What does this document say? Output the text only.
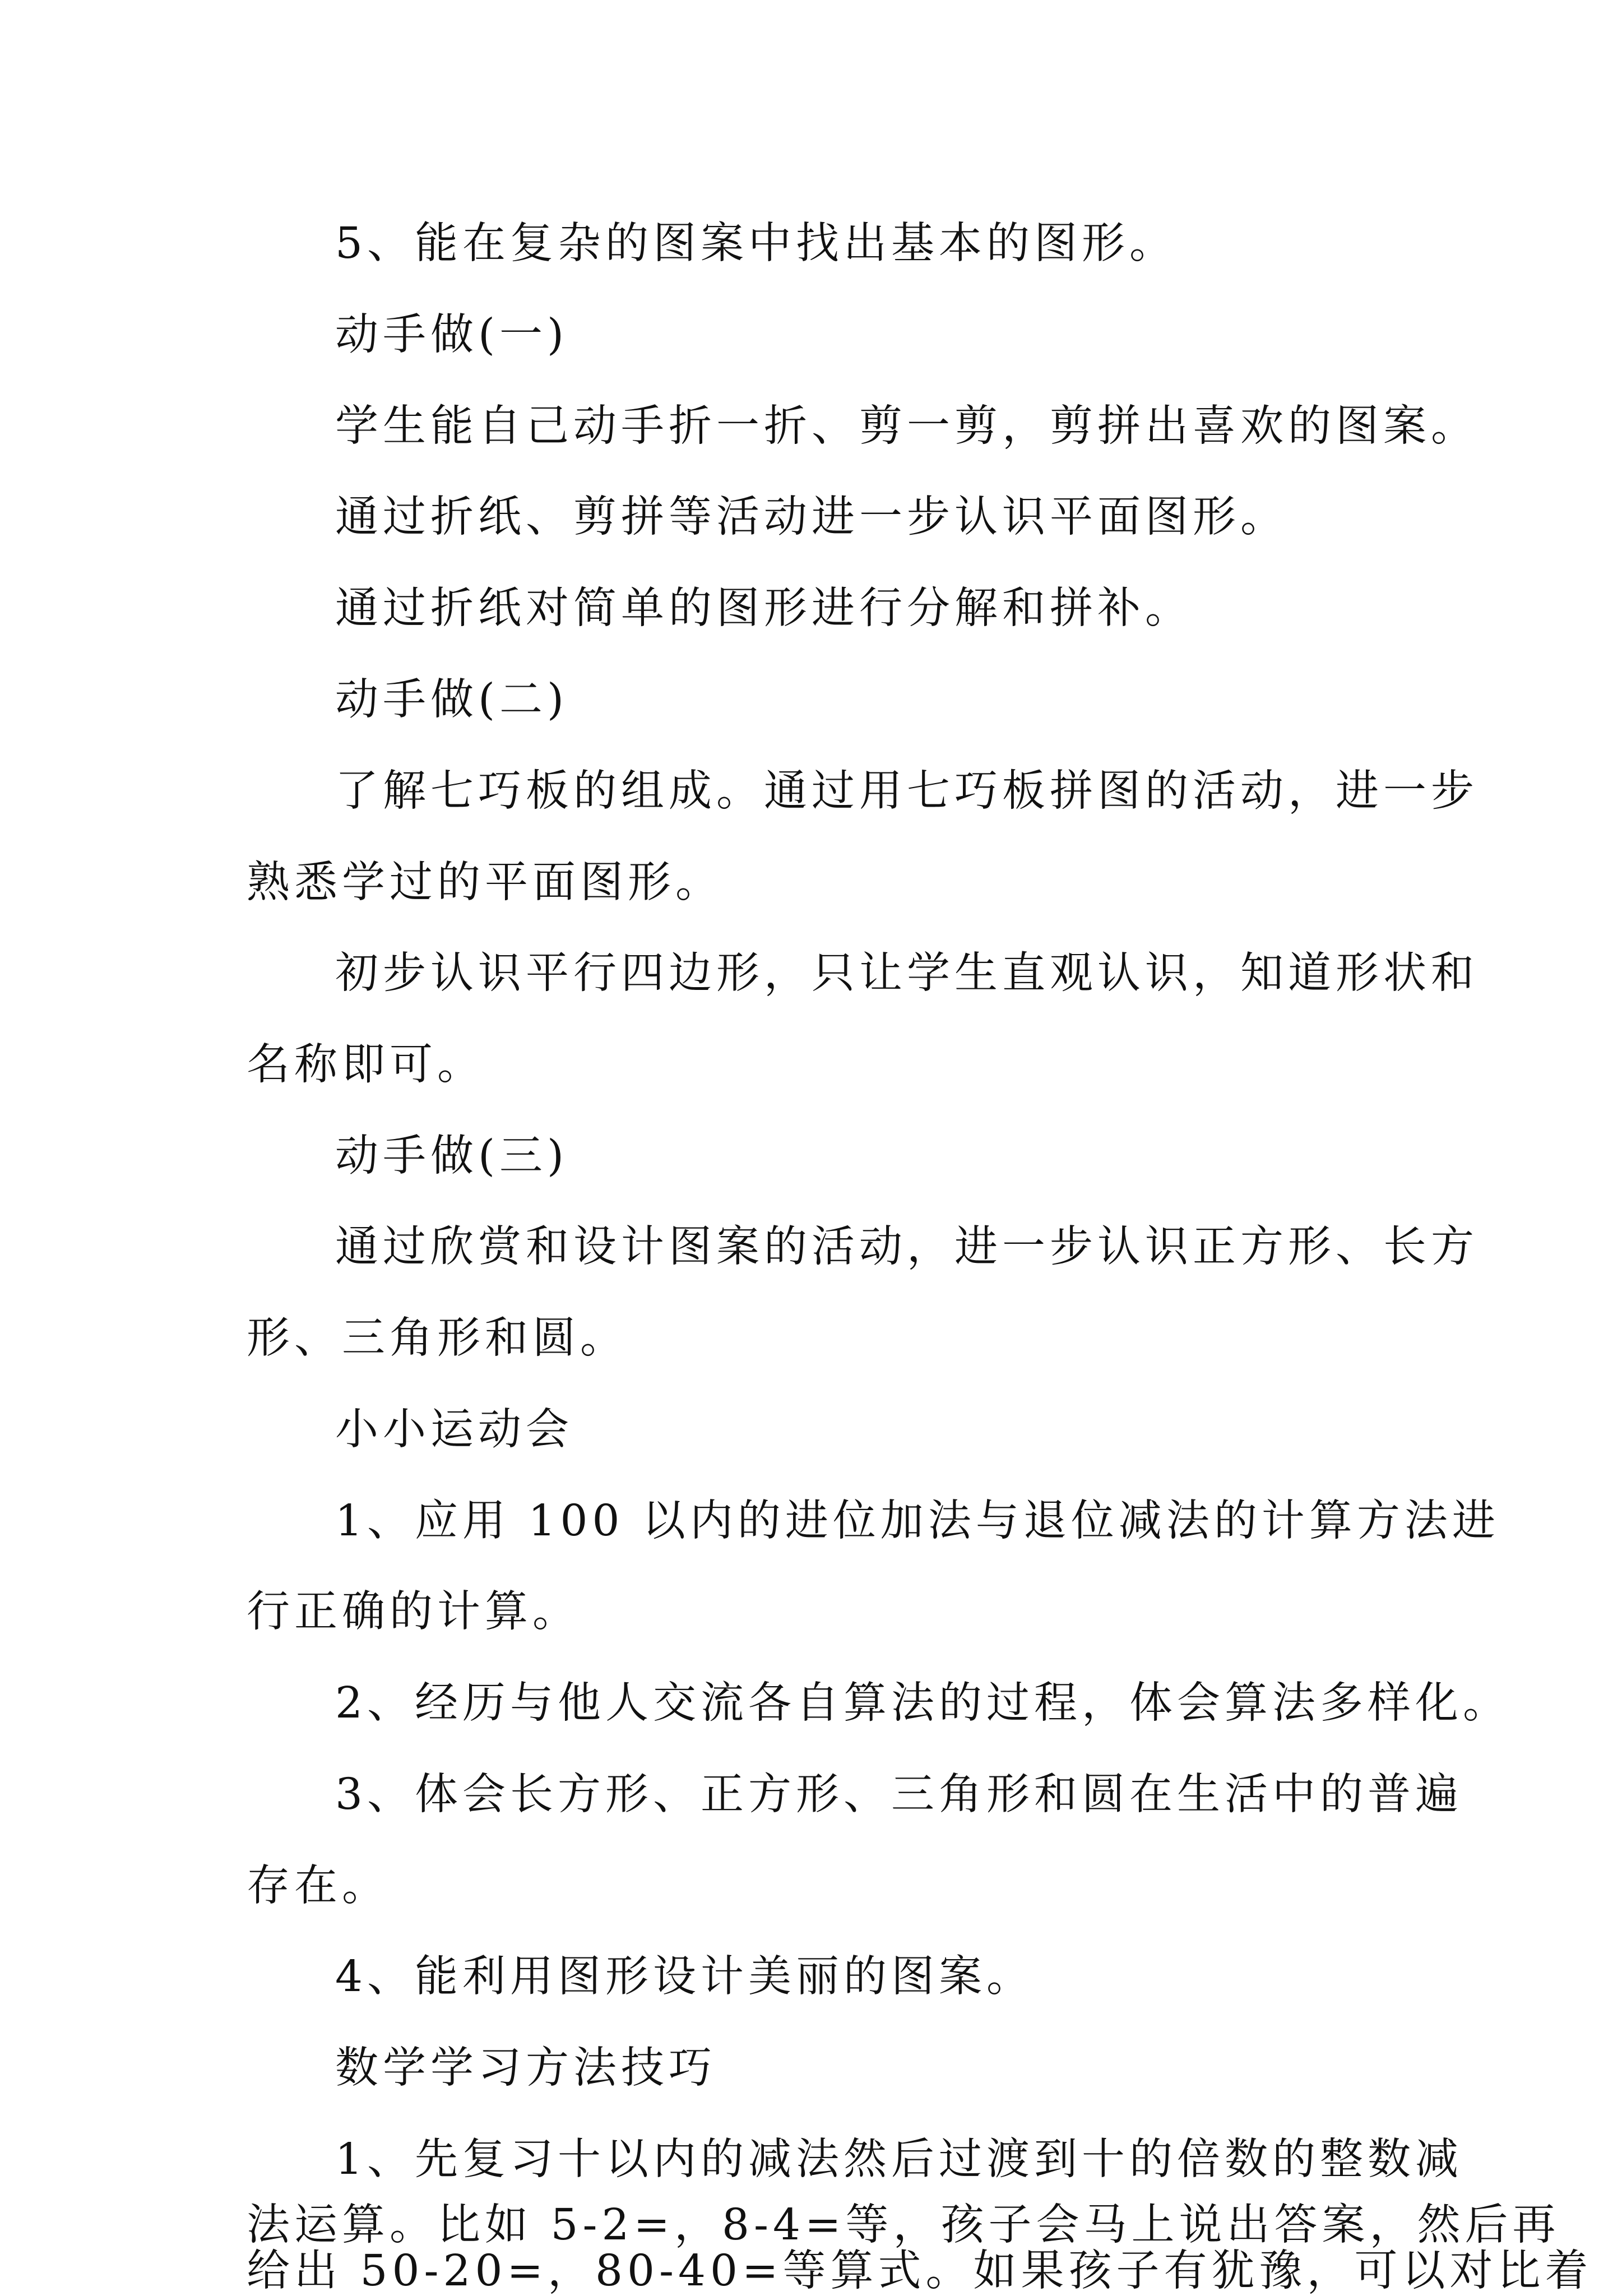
5、能在复杂的图案中找出基本的图形。
动手做(一)
学生能自己动手折一折、剪一剪，剪拼出喜欢的图案。
通过折纸、剪拼等活动进一步认识平面图形。
通过折纸对简单的图形进行分解和拼补。
动手做(二)
了解七巧板的组成。通过用七巧板拼图的活动，进一步
熟悉学过的平面图形。
初步认识平行四边形，只让学生直观认识，知道形状和
名称即可。
动手做(三)
通过欣赏和设计图案的活动，进一步认识正方形、长方
形、三角形和圆。
小小运动会
1、应用 100 以内的进位加法与退位减法的计算方法进
行正确的计算。
2、经历与他人交流各自算法的过程，体会算法多样化。
3、体会长方形、正方形、三角形和圆在生活中的普遍
存在。
4、能利用图形设计美丽的图案。
数学学习方法技巧
1、先复习十以内的减法然后过渡到十的倍数的整数减
法运算。比如 5-2=，8-4=等，孩子会马上说出答案，然后再
给出 50-20=，80-40=等算式。如果孩子有犹豫，可以对比着
